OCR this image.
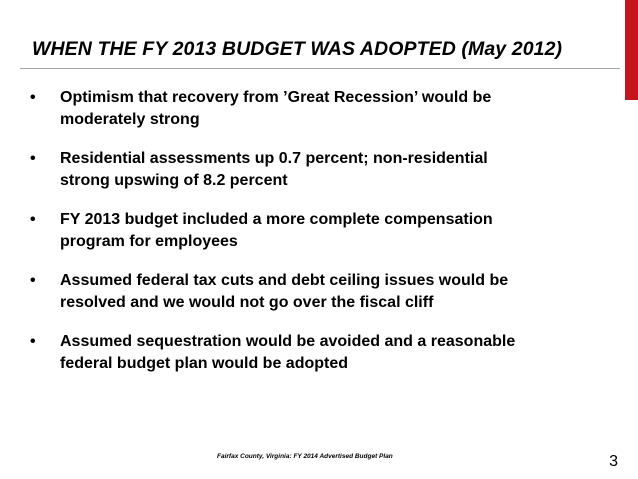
WHEN THE FY 2013 BUDGET WAS ADOPTED (May 2012)
•	Optimism that recovery from ’Great Recession’ would be
moderately strong
•	Residential assessments up 0.7 percent; non-residential
strong upswing of 8.2 percent
•	FY 2013 budget included a more complete compensation
program for employees
•	Assumed federal tax cuts and debt ceiling issues would be
resolved and we would not go over the fiscal cliff
•	Assumed sequestration would be avoided and a reasonable
federal budget plan would be adopted

Fairfax County, Virginia: FY 2014 Advertised Budget Plan	3
